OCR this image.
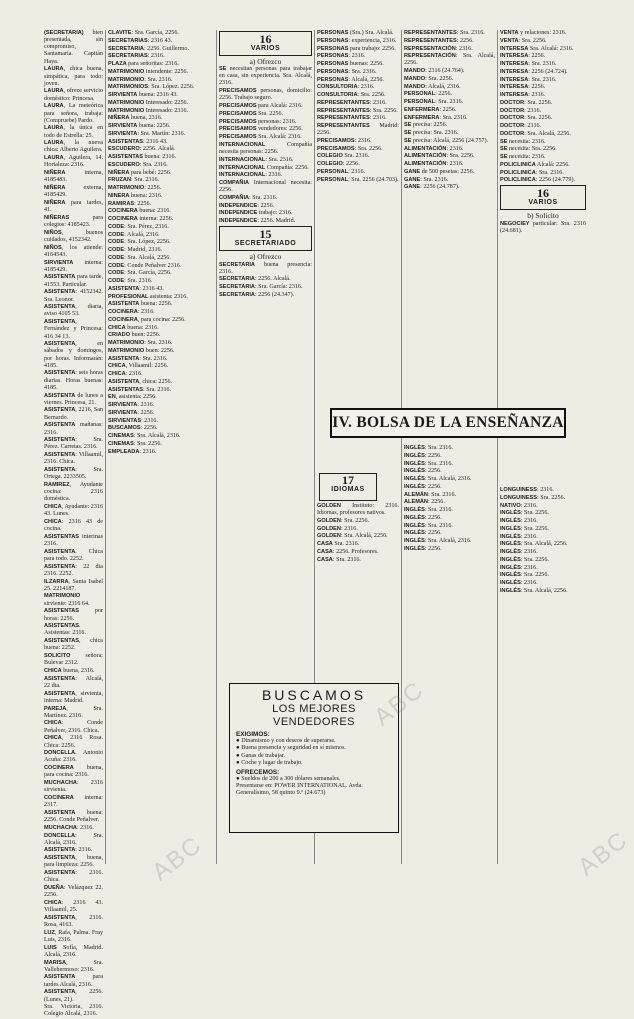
(SECRETARIA) bien presentada, sin compromiso, Santamaría. Capitán Haya.

LAURA, chica buena, simpática, para todo: joven.

LAURA, ofrece servicio doméstico: Princesa.

LAURA, La meteórica para señora, trabaja: (Compruebe) Pardo.

LAURA, la única en todo de Estrella: 25.

LAURA, la nueva chica: Alberto Aguilera.

LAURA, Aguilera, 14. Hortaleza: 2316.

NIÑERA interna, 4185483.

NIÑERA externa, 4185429.

NIÑERA para tardes, 41.

NIÑERAS para colegios: 4185423.

NIÑOS, buenos cuidados, 4152342.

NIÑOS, los atiende: 4164543.

SIRVIENTA interna: 4185429.

ASISTENTA para tarde, 41553. Particular.

ASISTENTA: 4152342. Sra. Leonor.

ASISTENTA, diaria, aviso 4105 53.

ASISTENTA, Fernández y Princesa: 416 34 13.

ASISTENTA, en sábados y domingos, por horas. Informarán: 4185.

ASISTENTA: seis horas diarias. Horas buenas: 4185.

ASISTENTA de lunes a viernes. Princesa, 21.

ASISTENTA, 2216, San Bernardo.

ASISTENTA mañanas: 2316.

ASISTENTA: Sra. Pérez. Carretas. 2316.

ASISTENTA: Villaamil, 2316. Chica.

ASISTENTA: Sra. Ortega. 2233505.

RAMIREZ, Ayudante cocina: 2316 doméstica.

CHICA, Ayudante: 2316 43. Lunes.

CHICA: 2316 43 de cocina.

ASISTENTAS interinas 2316.

ASISTENTA. Chica para todo. 2252.

ASISTENTA: 22 dia 2316. 2252.

ILZARRA, Santa Isabel 25. 2214187.

MATRIMONIO sirviente: 2316 64.

ASISTENTAS por horas: 2256.

ASISTENTAS. Asistentas: 2316.

ASISTENTAS, chica buena: 2252.

SOLICITO señora: Bulevar 2312.

CHICA buena, 2316.

ASISTENTA: Alcalá, 22 dia.

ASISTENTA, sirvienta, interna: Madrid.

PAREJA, Sra. Martínez. 2316.

CHICA: Conde Peñalver, 2316. Chica.

CHICA, 2316 Rosa. Chica: 2256.

DONCELLA. Antonio Acuña: 2316.

COCINERA buena, para cocina: 2316.

MUCHACHA: 2316 sirvienta.

COCINERA interna: 2317.

ASISTENTA buena: 2256. Conde Peñalver.

MUCHACHA: 2316.

DONCELLA: Sra. Alcalá, 2316.

ASISTENTA: 2316.

ASISTENTA, buena, para limpieza: 2256.

ASISTENTA: 2316. Chica.

DUEÑA: Velázquez 22. 2256.

CHICA: 2316 43. Villaamil, 25.

ASISTENTA, 2316. Rosa, 4163.

LUZ, Rafa, Palma. Fray Luis, 2316.

LUIS Sofía, Madrid. Alcalá, 2316.

MARISA, Sra. Vallehermoso: 2316.

ASISTENTA para tardes Alcalá, 2316.

ASISTENTA, 2256. (Lunes, 21).

Sra. Victoria, 2316. Colegio Alcalá, 2316.

CLAVITE: Sra. García, 2256.

SECRETARIAS: 2316 43.

SECRETARIA: 2256. Guillermo.

SECRETARIAS: 2316.

PLAZA para señoritas: 2316.

MATRIMONIO intendente: 2256.

MATRIMONIO: Sra. 2316.

MATRIMONIOS: Sra. López. 2256.

SIRVIENTA buena: 2316 43.

MATRIMONIO Interesado: 2256.

MATRIMONIO Interesado: 2316.

NIÑERA buena, 2316.

SIRVIENTA buena: 2256.

SIRVIENTA: Sra. Martín: 2316.

ASISTENTAS: 2316 43.

ESCUDERO: 2256. Alcalá.

ASISTENTAS buena: 2316.

ESCUDERO: Sra. 2316.

NIÑERA para bebé: 2256.

FRUZAN: Sra. 2316.

MATRIMONIO: 2256.

NINERA buena: 2316.

RAMIRAS: 2256.

COCINERA buena: 2316.

COCINERA interna: 2256.

CODE: Sra. Pérez, 2316.

CODE: Alcalá, 2316.

CODE: Sra. López, 2256.

CODE: Madrid, 2316.

CODE: Sra. Alcalá, 2256.

CODE: Conde Peñalver 2316.

CODE: Sra. García, 2256.

CODE: Sra. 2316.

ASISTENTA: 2316 43.

PROFESIONAL asistenta: 2316.

ASISTENTA buena: 2256.

COCINERA: 2316.

COCINERA, para cocina: 2256.

CHICA buena: 2316.

CRIADO buen: 2256.

MATRIMONIO: Sra. 2316.

MATRIMONIO buen: 2256.

ASISTENTA: Sra. 2316.

CHICA, Villaamil: 2256.

CHICA: 2316.

ASISTENTA, chica: 2256.

ASISTENTAS: Sra. 2316.

EN, asistenta: 2256.

SIRVIENTA: 2316.

SIRVIENTA: 2256.

SIRVIENTAS: 2316.

BUSCAMOS: 2256.

CINEMAS: Sra. Alcalá, 2316.

CINEMAS: Sra. 2256.

EMPLEADA: 2316.

16
VARIOS
a) Ofrezco

SE necesitan personas para trabajar en casa, sin experiencia. Sra. Alcalá, 2316.

PRECISAMOS personas, domicilio: 2256. Trabajo seguro.

PRECISAMOS para Alcalá: 2316.

PRECISAMOS Sra. 2256.

PRECISAMOS personas: 2316.

PRECISAMOS vendedores: 2256.

PRECISAMOS Sra. Alcalá: 2316.

INTERNACIONAL Compañía necesita personas: 2256.

INTERNACIONAL: Sra. 2316.

INTERNACIONAL Compañía: 2256.

INTERNACIONAL: 2316.

COMPAÑIA Internacional necesita: 2256.

COMPAÑIA: Sra. 2316.

INDEPENDICE: 2256.

INDEPENDICE trabajo: 2316.

INDEPENDICE: 2256. Madrid.

15
SECRETARIADO
a) Ofrezco

SECRETARIA buena presencia: 2316.

SECRETARIA: 2256. Alcalá.

SECRETARIA: Sra. García: 2316.

SECRETARIA: 2256 (24.347).

PERSONAS (Sra.) Sra. Alcalá.

PERSONAS: experiencia, 2316.

PERSONAS para trabajo: 2256.

PERSONAS: 2316.

PERSONAS buenas: 2256.

PERSONAS: Sra. 2316.

PERSONAS: Alcalá, 2256.

CONSULTORIA: 2316.

CONSULTORIA: Sra. 2256.

REPRESENTANTES: 2316.

REPRESENTANTES: Sra. 2256.

REPRESENTANTES: 2316.

REPRESENTANTES Madrid: 2256.

PRECISAMOS: 2316.

PRECISAMOS: Sra. 2256.

COLEGIO Sra. 2316.

COLEGIO: 2256.

PERSONAL: 2316.

PERSONAL: Sra. 2256 (24.703).

REPRESENTANTES: Sra. 2316.

REPRESENTANTES: 2256.

REPRESENTACIÓN: 2316.

REPRESENTACIÓN: Sra. Alcalá, 2256.

MANDO: 2316 (24.764).

MANDO: Sra. 2256.

MANDO: Alcalá, 2316.

PERSONAL: 2256.

PERSONAL: Sra. 2316.

ENFERMERA: 2256.

ENFERMERA: Sra. 2316.

SE precisa: 2256.

SE precisa: Sra. 2316.

SE precisa: Alcalá, 2256 (24.757).

ALIMENTACIÓN: 2316.

ALIMENTACIÓN: Sra. 2256.

ALIMENTACIÓN: 2316.

GANE de 500 pesetas: 2256.

GANE: Sra. 2316.

GANE: 2256 (24.787).

VENTA y relaciones: 2316.

VENTA: Sra. 2256.

INTERESA Sra. Alcalá: 2316.

INTERESA: 2256.

INTERESA: Sra. 2316.

INTERESA: 2256 (24.724).

INTERESA: Sra. 2316.

INTERESA: 2256.

INTERESA: 2316.

DOCTOR: Sra. 2256.

DOCTOR: 2316.

DOCTOR: Sra. 2256.

DOCTOR: 2316.

DOCTOR: Sra. Alcalá, 2256.

SE necesita: 2316.

SE necesita: Sra. 2256.

SE necesita: 2316.

POLICLINICA Alcalá: 2256.

POLICLINICA: Sra. 2316.

POLICLINICA: 2256 (24.779).

16
VARIOS
b) Solicito

NEGOCIEY particular: Sra. 2316 (24.681).

IV. BOLSA DE LA ENSEÑANZA
17
IDIOMAS

GOLDEN Instituto: 2316. Idiomas, profesores nativos.

GOLDEN: Sra. 2256.

GOLDEN: 2316.

GOLDEN: Sra. Alcalá, 2256.

CASA Sra. 2316.

CASA: 2256. Profesores.

CASA: Sra. 2316.

INGLÉS: Sra. 2316.

INGLÉS: 2256.

INGLÉS: Sra. 2316.

INGLÉS: 2256.

INGLÉS: Sra. Alcalá, 2316.

INGLÉS: 2256.

ALEMÁN: Sra. 2316.

ALEMÁN: 2256.

INGLÉS: Sra. 2316.

INGLÉS: 2256.

INGLÉS: Sra. 2316.

INGLÉS: 2256.

INGLÉS: Sra. Alcalá, 2316.

INGLÉS: 2256.

LONGUINESS: 2316.

LONGUINESS: Sra. 2256.

NATIVO: 2316.

INGLÉS: Sra. 2256.

INGLÉS: 2316.

INGLÉS: Sra. 2256.

INGLÉS: 2316.

INGLÉS: Sra. Alcalá, 2256.

INGLÉS: 2316.

INGLÉS: Sra. 2256.

INGLÉS: 2316.

INGLÉS: Sra. 2256.

INGLÉS: 2316.

INGLÉS: Sra. Alcalá, 2256.

BUSCAMOS
LOS MEJORES VENDEDORES
EXIGIMOS:

● Dinamismo y con deseos de superarse.

● Buena presencia y seguridad en sí mismos.

● Ganas de trabajar.

● Coche y lugar de trabajo.

OFRECEMOS:

● Sueldos de 200 a 300 dólares semanales.

Presentarse en: POWER INTERNATIONAL. Avda. Generalísimo, 58 quinto 9.º (24.673)

ABC
ABC
ABC
